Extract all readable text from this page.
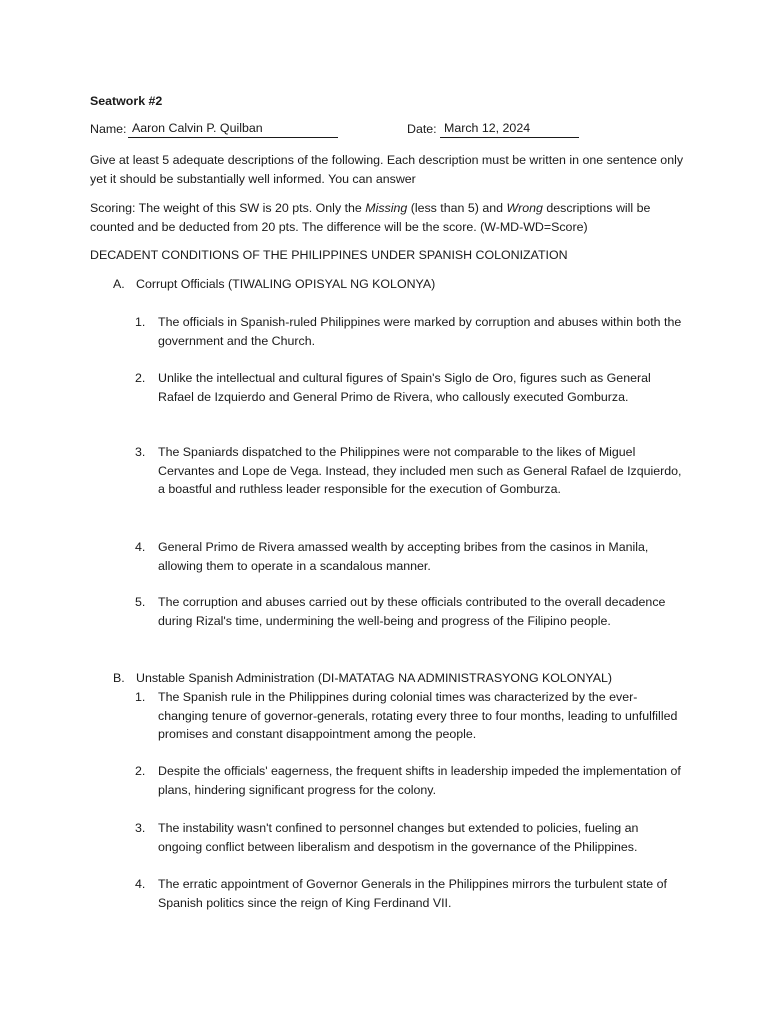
Seatwork #2
Name: Aaron Calvin P. Quilban	Date: March 12, 2024
Give at least 5 adequate descriptions of the following. Each description must be written in one sentence only yet it should be substantially well informed. You can answer
Scoring: The weight of this SW is 20 pts. Only the Missing (less than 5) and Wrong descriptions will be counted and be deducted from 20 pts. The difference will be the score. (W-MD-WD=Score)
DECADENT CONDITIONS OF THE PHILIPPINES UNDER SPANISH COLONIZATION
A. Corrupt Officials (TIWALING OPISYAL NG KOLONYA)
1. The officials in Spanish-ruled Philippines were marked by corruption and abuses within both the government and the Church.
2. Unlike the intellectual and cultural figures of Spain's Siglo de Oro, figures such as General Rafael de Izquierdo and General Primo de Rivera, who callously executed Gomburza.
3. The Spaniards dispatched to the Philippines were not comparable to the likes of Miguel Cervantes and Lope de Vega. Instead, they included men such as General Rafael de Izquierdo, a boastful and ruthless leader responsible for the execution of Gomburza.
4. General Primo de Rivera amassed wealth by accepting bribes from the casinos in Manila, allowing them to operate in a scandalous manner.
5. The corruption and abuses carried out by these officials contributed to the overall decadence during Rizal's time, undermining the well-being and progress of the Filipino people.
B. Unstable Spanish Administration (DI-MATATAG NA ADMINISTRASYONG KOLONYAL)
1. The Spanish rule in the Philippines during colonial times was characterized by the ever-changing tenure of governor-generals, rotating every three to four months, leading to unfulfilled promises and constant disappointment among the people.
2. Despite the officials' eagerness, the frequent shifts in leadership impeded the implementation of plans, hindering significant progress for the colony.
3. The instability wasn't confined to personnel changes but extended to policies, fueling an ongoing conflict between liberalism and despotism in the governance of the Philippines.
4. The erratic appointment of Governor Generals in the Philippines mirrors the turbulent state of Spanish politics since the reign of King Ferdinand VII.
